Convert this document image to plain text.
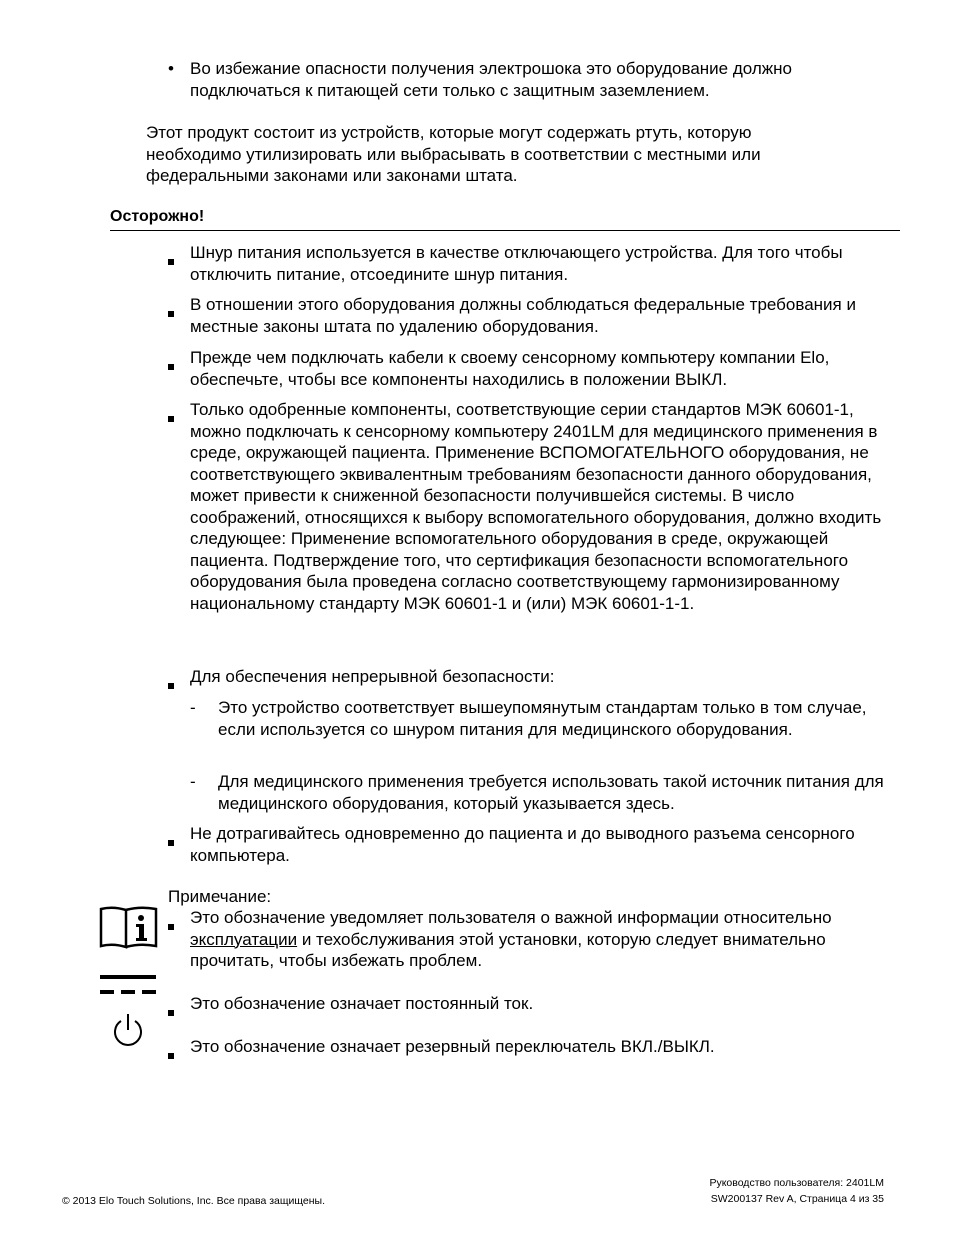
• Во избежание опасности получения электрошока это оборудование должно подключаться к питающей сети только с защитным заземлением.
Этот продукт состоит из устройств, которые могут содержать ртуть, которую необходимо утилизировать или выбрасывать в соответствии с местными или федеральными законами или законами штата.
Осторожно!
Шнур питания используется в качестве отключающего устройства. Для того чтобы отключить питание, отсоедините шнур питания.
В отношении этого оборудования должны соблюдаться федеральные требования и местные законы штата по удалению оборудования.
Прежде чем подключать кабели к своему сенсорному компьютеру компании Elo, обеспечьте, чтобы все компоненты находились в положении ВЫКЛ.
Только одобренные компоненты, соответствующие серии стандартов МЭК 60601-1, можно подключать к сенсорному компьютеру 2401LM для медицинского применения в среде, окружающей пациента. Применение ВСПОМОГАТЕЛЬНОГО оборудования, не соответствующего эквивалентным требованиям безопасности данного оборудования, может привести к сниженной безопасности получившейся системы. В число соображений, относящихся к выбору вспомогательного оборудования, должно входить следующее: Применение вспомогательного оборудования в среде, окружающей пациента. Подтверждение того, что сертификация безопасности вспомогательного оборудования была проведена согласно соответствующему гармонизированному национальному стандарту МЭК 60601-1 и (или) МЭК 60601-1-1.
Для обеспечения непрерывной безопасности:
- Это устройство соответствует вышеупомянутым стандартам только в том случае, если используется со шнуром питания для медицинского оборудования.
- Для медицинского применения требуется использовать такой источник питания для медицинского оборудования, который указывается здесь.
Не дотрагивайтесь одновременно до пациента и до выводного разъема сенсорного компьютера.
Примечание:
Это обозначение уведомляет пользователя о важной информации относительно эксплуатации и техобслуживания этой установки, которую следует внимательно прочитать, чтобы избежать проблем.
Это обозначение означает постоянный ток.
Это обозначение означает резервный переключатель ВКЛ./ВЫКЛ.
© 2013 Elo Touch Solutions, Inc. Все права защищены.
Руководство пользователя: 2401LM
SW200137 Rev A, Страница 4 из 35
